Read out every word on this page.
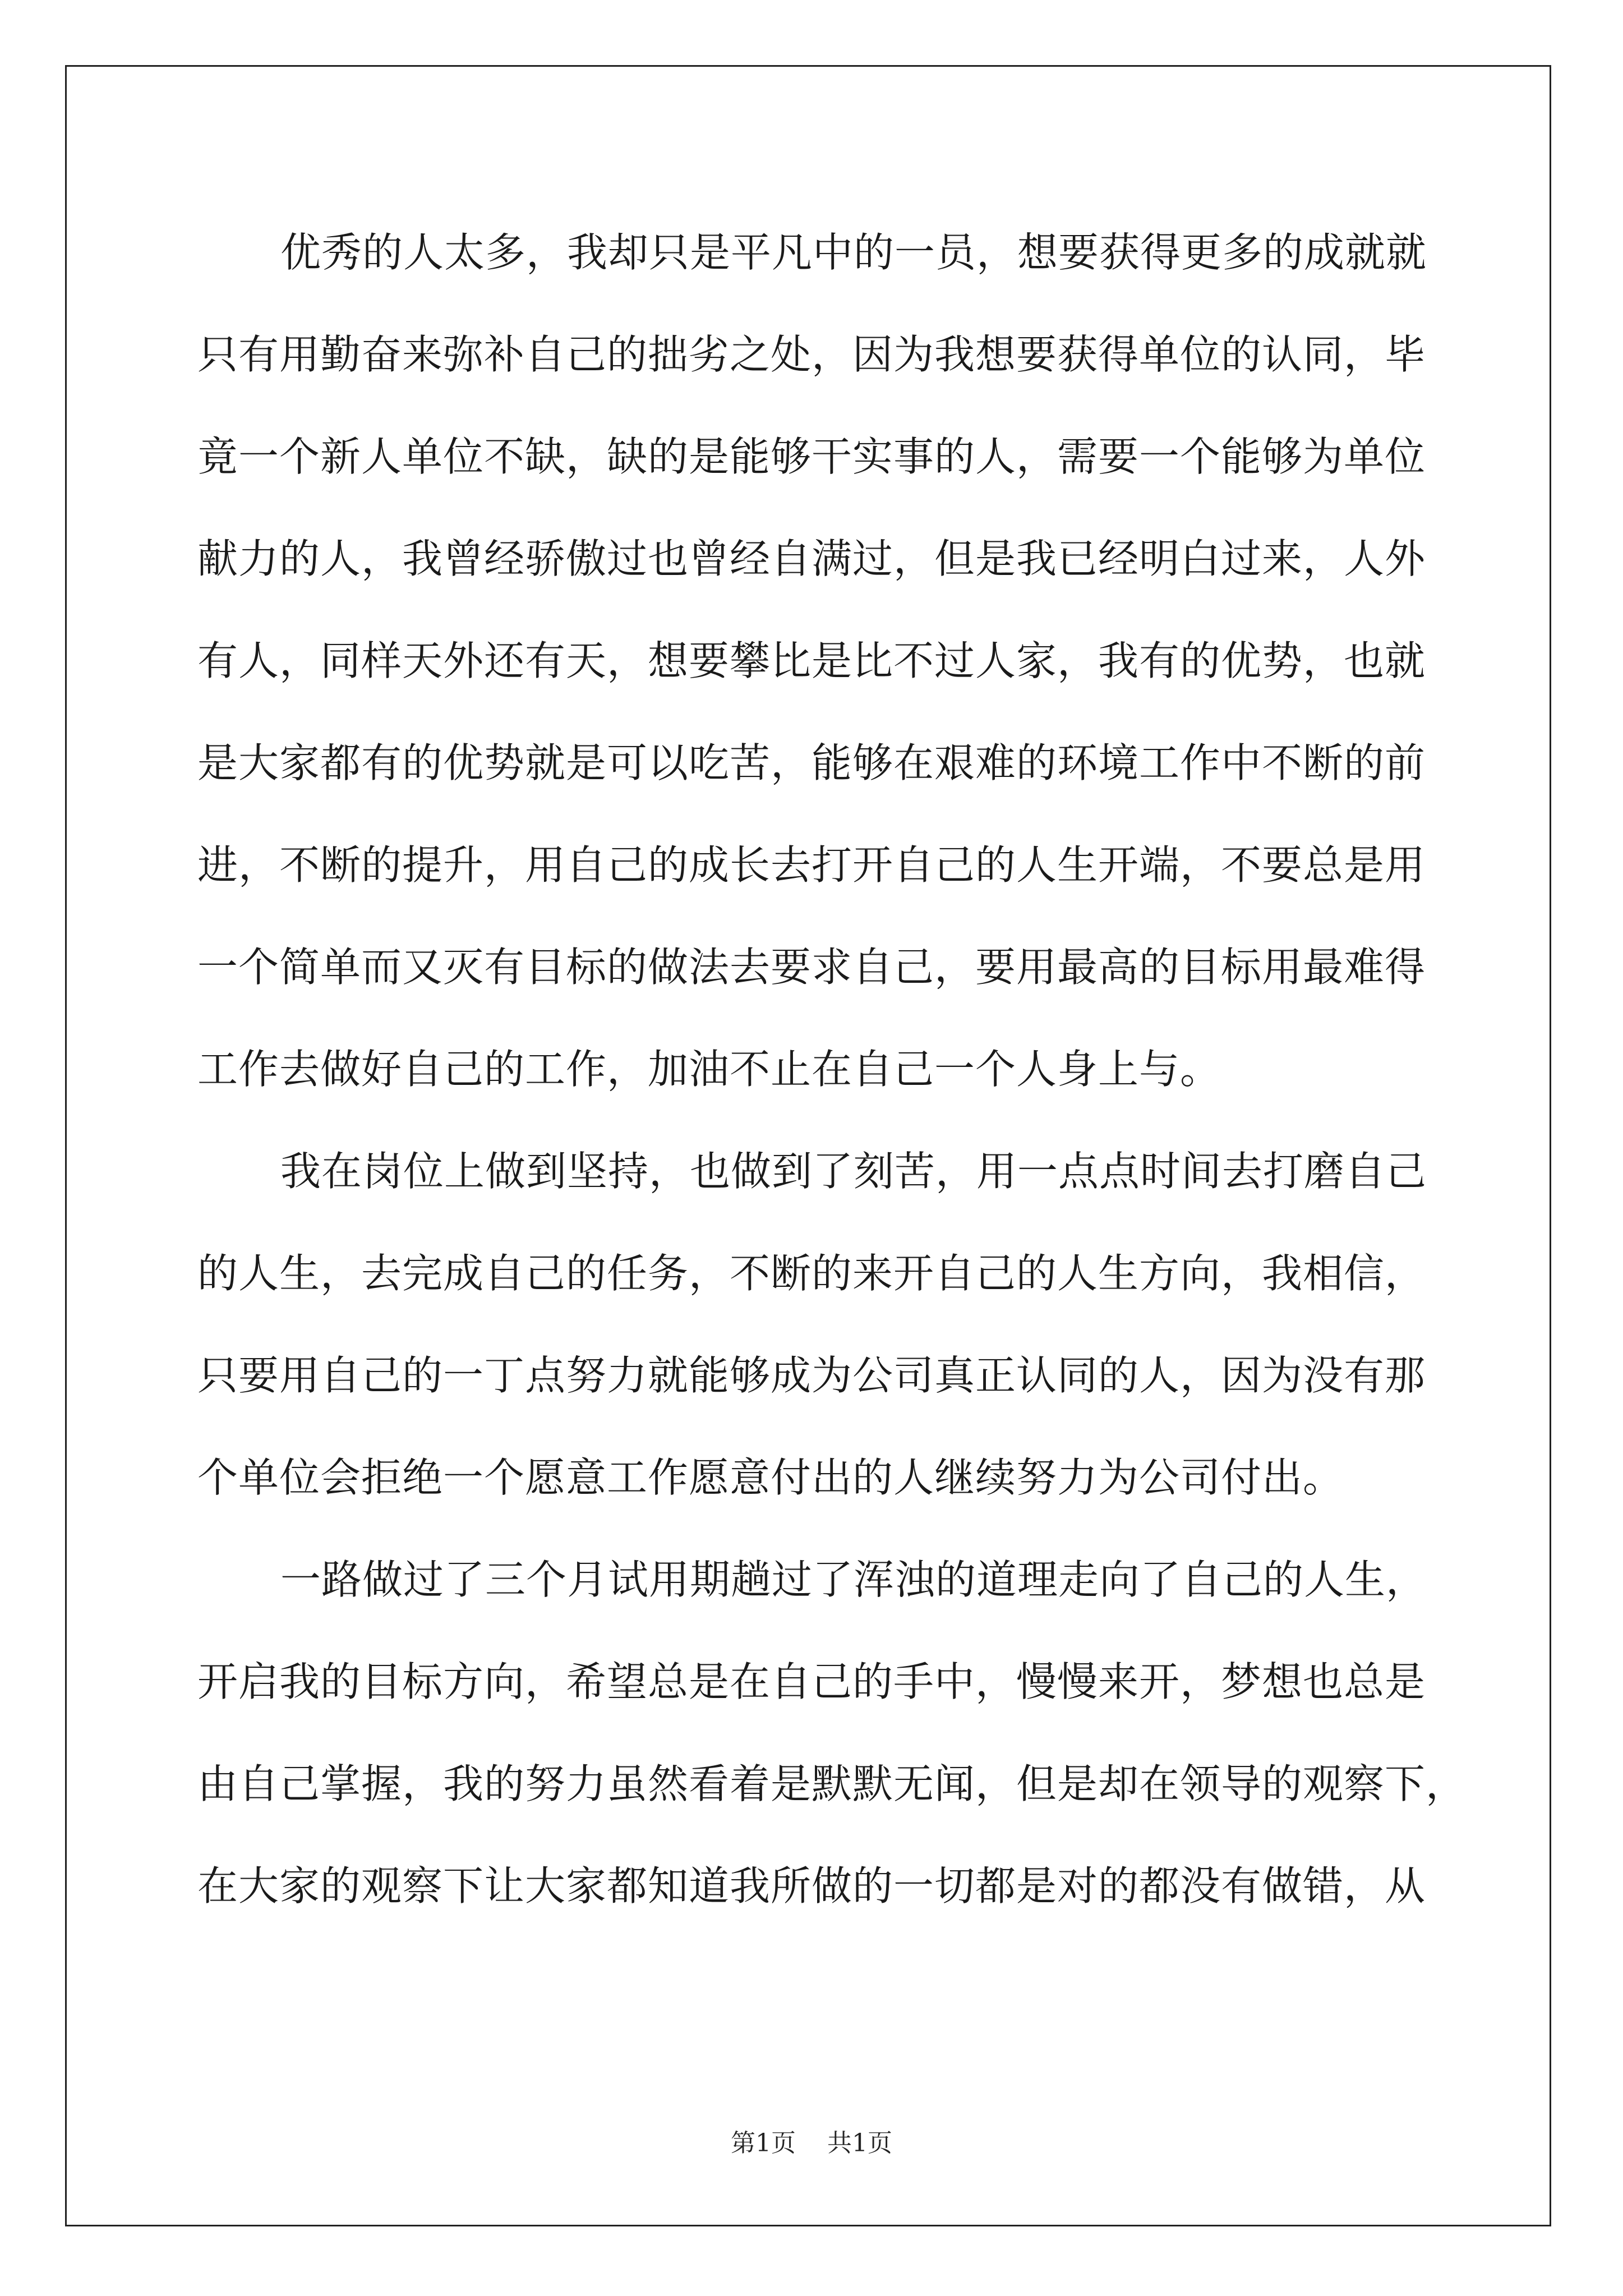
优秀的人太多，我却只是平凡中的一员，想要获得更多的成就就
只有用勤奋来弥补自己的拙劣之处，因为我想要获得单位的认同，毕
竟一个新人单位不缺，缺的是能够干实事的人，需要一个能够为单位
献力的人，我曾经骄傲过也曾经自满过，但是我已经明白过来，人外
有人，同样天外还有天，想要攀比是比不过人家，我有的优势，也就
是大家都有的优势就是可以吃苦，能够在艰难的环境工作中不断的前
进，不断的提升，用自己的成长去打开自己的人生开端，不要总是用
一个简单而又灭有目标的做法去要求自己，要用最高的目标用最难得
工作去做好自己的工作，加油不止在自己一个人身上与。
我在岗位上做到坚持，也做到了刻苦，用一点点时间去打磨自己
的人生，去完成自己的任务，不断的来开自己的人生方向，我相信，
只要用自己的一丁点努力就能够成为公司真正认同的人，因为没有那
个单位会拒绝一个愿意工作愿意付出的人继续努力为公司付出。
一路做过了三个月试用期趟过了浑浊的道理走向了自己的人生，
开启我的目标方向，希望总是在自己的手中，慢慢来开，梦想也总是
由自己掌握，我的努力虽然看着是默默无闻，但是却在领导的观察下，
在大家的观察下让大家都知道我所做的一切都是对的都没有做错，从
第1页 共1页
